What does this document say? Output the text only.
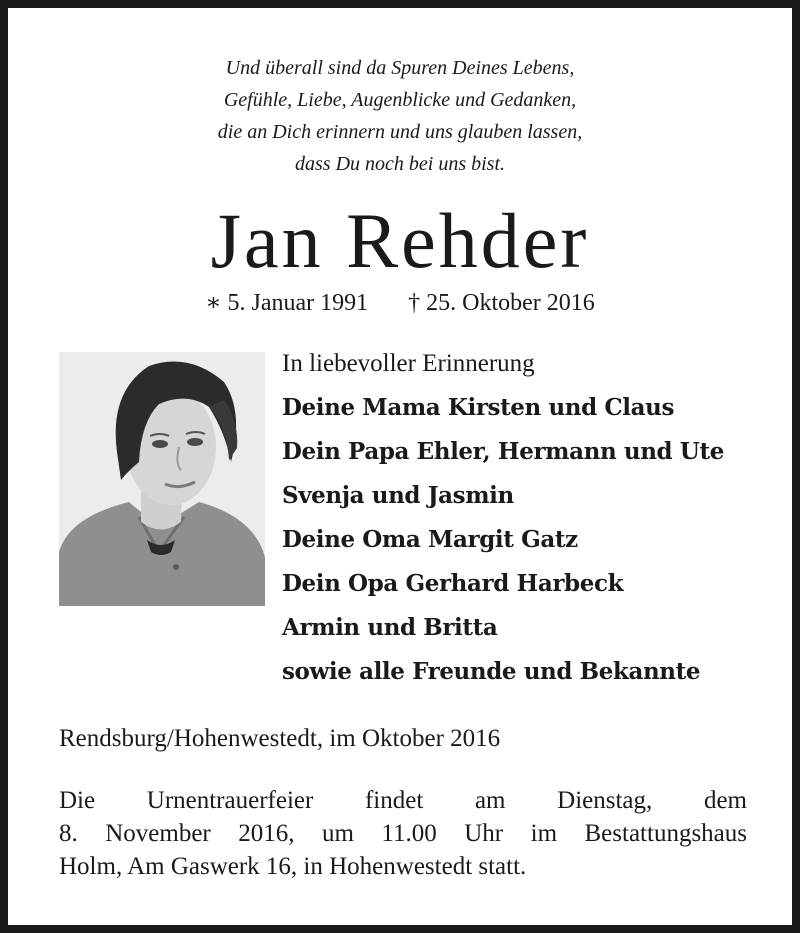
Und überall sind da Spuren Deines Lebens,
Gefühle, Liebe, Augenblicke und Gedanken,
die an Dich erinnern und uns glauben lassen,
dass Du noch bei uns bist.
Jan Rehder
∗ 5. Januar 1991 † 25. Oktober 2016
In liebevoller Erinnerung
Deine Mama Kirsten und Claus
Dein Papa Ehler, Hermann und Ute
Svenja und Jasmin
Deine Oma Margit Gatz
Dein Opa Gerhard Harbeck
Armin und Britta
sowie alle Freunde und Bekannte
Rendsburg/Hohenwestedt, im Oktober 2016
Die Urnentrauerfeier findet am Dienstag, dem
8. November 2016, um 11.00 Uhr im Bestattungshaus
Holm, Am Gaswerk 16, in Hohenwestedt statt.
